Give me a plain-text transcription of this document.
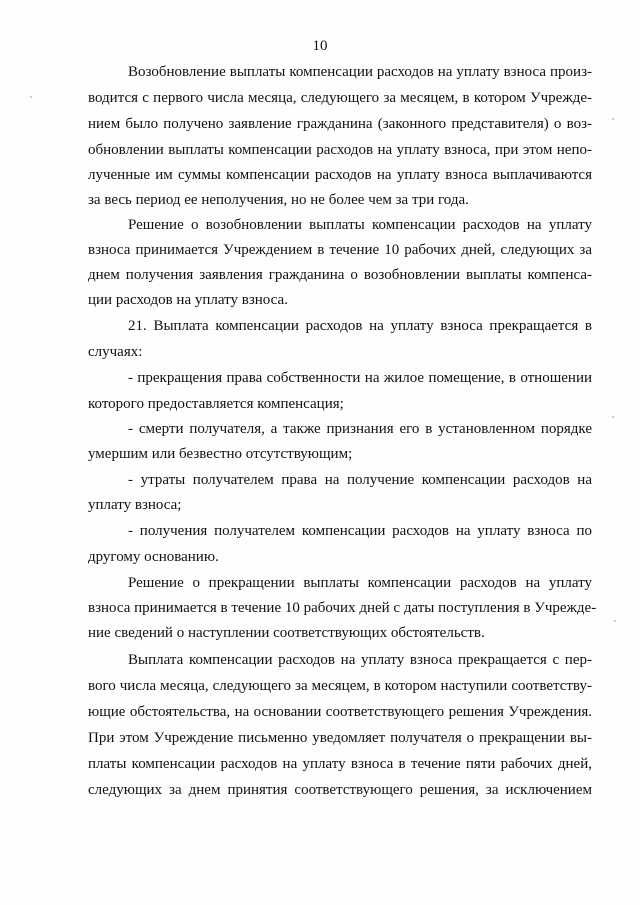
10
Возобновление выплаты компенсации расходов на уплату взноса произ-
водится с первого числа месяца, следующего за месяцем, в котором Учрежде-
нием было получено заявление гражданина (законного представителя) о воз-
обновлении выплаты компенсации расходов на уплату взноса, при этом непо-
лученные им суммы компенсации расходов на уплату взноса выплачиваются
за весь период ее неполучения, но не более чем за три года.
Решение о возобновлении выплаты компенсации расходов на уплату
взноса принимается Учреждением в течение 10 рабочих дней, следующих за
днем получения заявления гражданина о возобновлении выплаты компенса-
ции расходов на уплату взноса.
21. Выплата компенсации расходов на уплату взноса прекращается в
случаях:
- прекращения права собственности на жилое помещение, в отношении
которого предоставляется компенсация;
- смерти получателя, а также признания его в установленном порядке
умершим или безвестно отсутствующим;
- утраты получателем права на получение компенсации расходов на
уплату взноса;
- получения получателем компенсации расходов на уплату взноса по
другому основанию.
Решение о прекращении выплаты компенсации расходов на уплату
взноса принимается в течение 10 рабочих дней с даты поступления в Учрежде-
ние сведений о наступлении соответствующих обстоятельств.
Выплата компенсации расходов на уплату взноса прекращается с пер-
вого числа месяца, следующего за месяцем, в котором наступили соответству-
ющие обстоятельства, на основании соответствующего решения Учреждения.
При этом Учреждение письменно уведомляет получателя о прекращении вы-
платы компенсации расходов на уплату взноса в течение пяти рабочих дней,
следующих за днем принятия соответствующего решения, за исключением
